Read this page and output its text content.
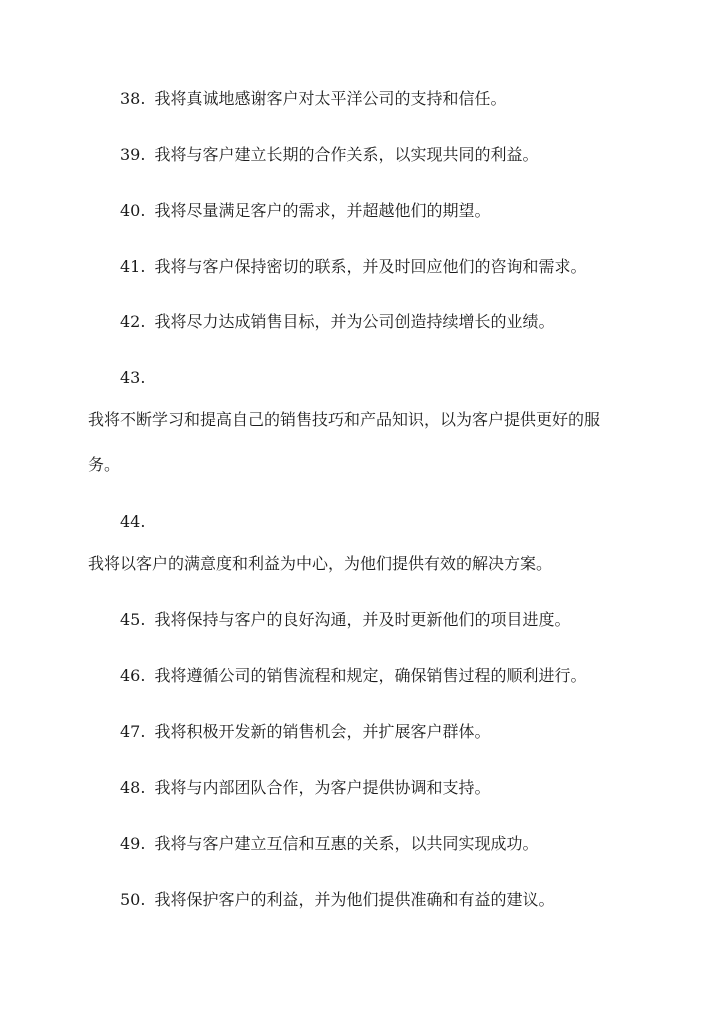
38. 我将真诚地感谢客户对太平洋公司的支持和信任。
39. 我将与客户建立长期的合作关系，以实现共同的利益。
40. 我将尽量满足客户的需求，并超越他们的期望。
41. 我将与客户保持密切的联系，并及时回应他们的咨询和需求。
42. 我将尽力达成销售目标，并为公司创造持续增长的业绩。
43.
我将不断学习和提高自己的销售技巧和产品知识，以为客户提供更好的服
务。
44.
我将以客户的满意度和利益为中心，为他们提供有效的解决方案。
45. 我将保持与客户的良好沟通，并及时更新他们的项目进度。
46. 我将遵循公司的销售流程和规定，确保销售过程的顺利进行。
47. 我将积极开发新的销售机会，并扩展客户群体。
48. 我将与内部团队合作，为客户提供协调和支持。
49. 我将与客户建立互信和互惠的关系，以共同实现成功。
50. 我将保护客户的利益，并为他们提供准确和有益的建议。
